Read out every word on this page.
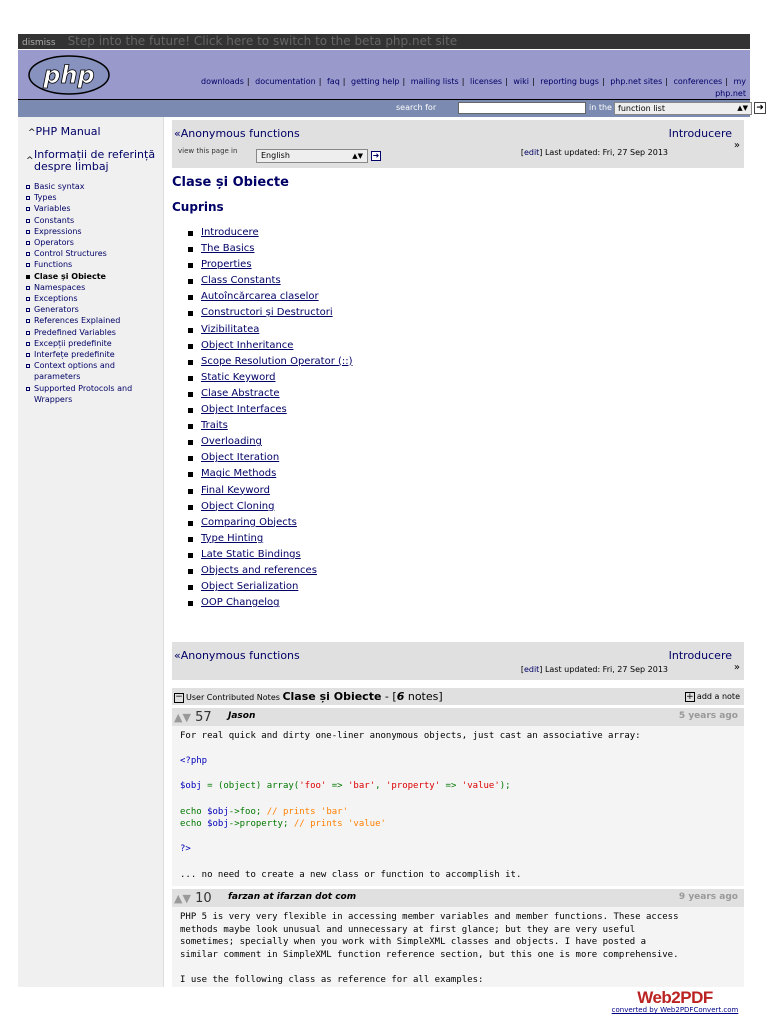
dismiss Step into the future! Click here to switch to the beta php.net site
php	downloads | documentation | faq | getting help | mailing lists | licenses | wiki | reporting bugs | php.net sites | conferences | my php.net
search for	in the function list	▲▼ ➜
^PHP Manual
^ Informații de referință despre limbaj
Basic syntax
Types
Variables
Constants
Expressions
Operators
Control Structures
Functions
Clase și Obiecte
Namespaces
Exceptions
Generators
References Explained
Predefined Variables
Excepții predefinite
Interfețe predefinite
Context options and parameters
Supported Protocols and Wrappers
«Anonymous functions	Introducere
»
view this page in	English	▲▼ ➜	[edit] Last updated: Fri, 27 Sep 2013
Clase și Obiecte
Cuprins
Introducere
The Basics
Properties
Class Constants
Autoîncărcarea claselor
Constructori și Destructori
Vizibilitatea
Object Inheritance
Scope Resolution Operator (::)
Static Keyword
Clase Abstracte
Object Interfaces
Traits
Overloading
Object Iteration
Magic Methods
Final Keyword
Object Cloning
Comparing Objects
Type Hinting
Late Static Bindings
Objects and references
Object Serialization
OOP Changelog
«Anonymous functions	Introducere
»
[edit] Last updated: Fri, 27 Sep 2013
− User Contributed Notes Clase și Obiecte - [6 notes]	+ add a note
▲▼ 57 Jason	5 years ago
For real quick and dirty one-liner anonymous objects, just cast an associative array:

<?php

$obj = (object) array('foo' => 'bar', 'property' => 'value');

echo $obj->foo; // prints 'bar'
echo $obj->property; // prints 'value'

?>

... no need to create a new class or function to accomplish it.
▲▼ 10 farzan at ifarzan dot com	9 years ago
PHP 5 is very very flexible in accessing member variables and member functions. These access
methods maybe look unusual and unnecessary at first glance; but they are very useful
sometimes; specially when you work with SimpleXML classes and objects. I have posted a
similar comment in SimpleXML function reference section, but this one is more comprehensive.

I use the following class as reference for all examples:
Web2PDF
converted by Web2PDFConvert.com
